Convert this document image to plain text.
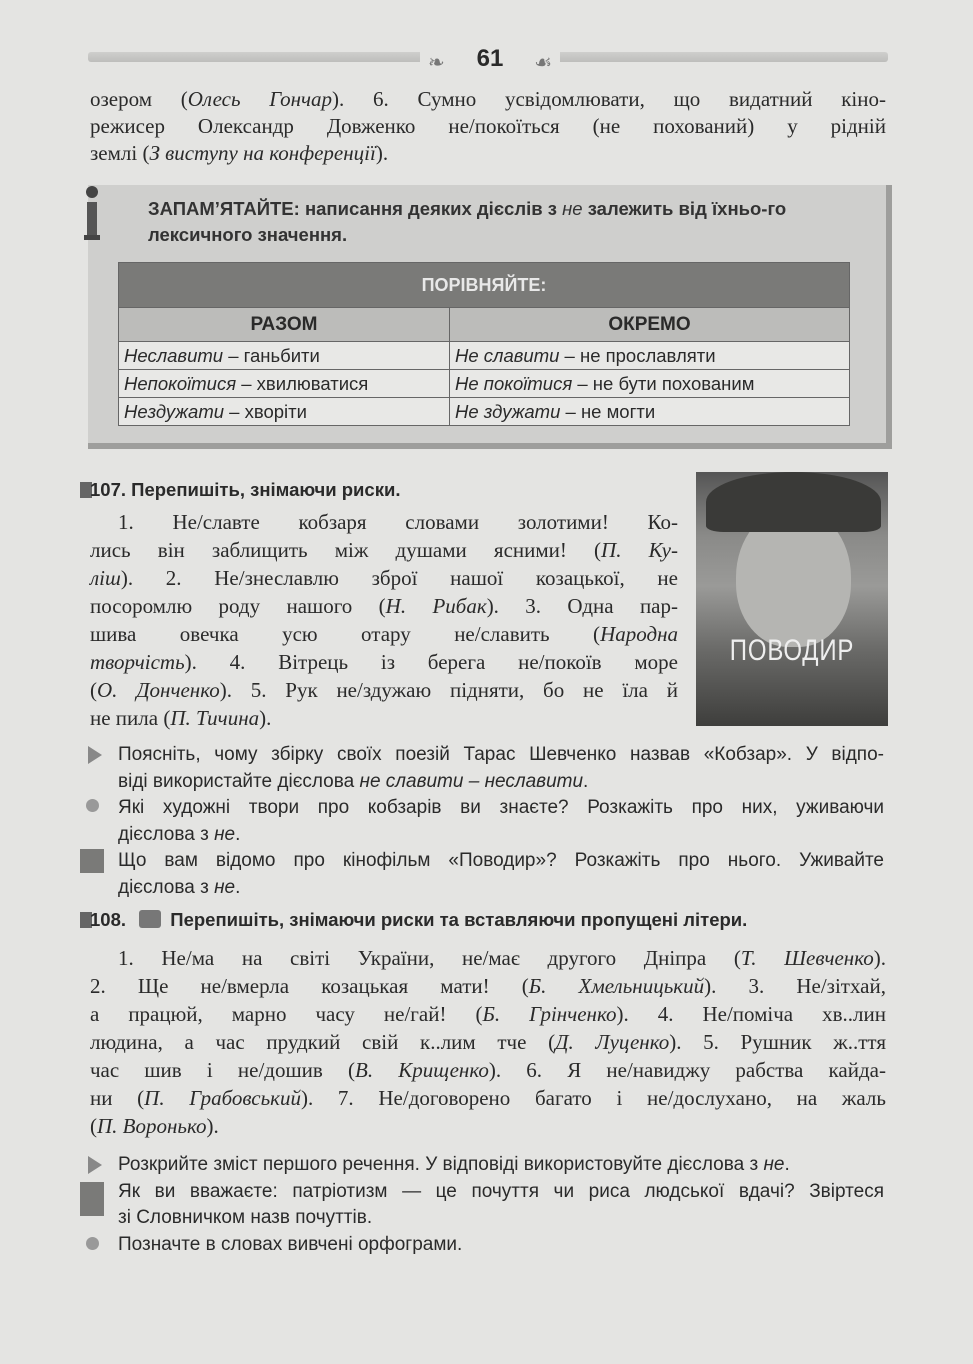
❧ 61 ☙
озером (Олесь Гончар). 6. Сумно усвідомлювати, що видатний кіно-
режисер Олександр Довженко не/покоїться (не похований) у рідній
землі (З виступу на конференції).
ЗАПАМ’ЯТАЙТЕ: написання деяких дієслів з не залежить від їхньо-го лексичного значення.
ПОРІВНЯЙТЕ:	
РАЗОМ	ОКРЕМО
Неславити – ганьбити	Не славити – не прославляти
Непокоїтися – хвилюватися	Не покоїтися – не бути похованим
Нездужати – хворіти	Не здужати – не могти
107. Перепишіть, знімаючи риски.
1. Не/славте кобзаря словами золотими! Ко-
лись він заблищить між душами ясними! (П. Ку-
ліш). 2. Не/знеславлю зброї нашої козацької, не
посоромлю роду нашого (Н. Рибак). 3. Одна пар-
шива овечка усю отару не/славить (Народна
творчість). 4. Вітрець із берега не/покоїв море
(О. Донченко). 5. Рук не/здужаю підняти, бо не їла й
не пила (П. Тичина).
ПОВОДИР
Поясніть, чому збірку своїх поезій Тарас Шевченко назвав «Кобзар». У відпо-
віді використайте дієслова не славити – неславити.
Які художні твори про кобзарів ви знаєте? Розкажіть про них, уживаючи
дієслова з не.
Що вам відомо про кінофільм «Поводир»? Розкажіть про нього. Уживайте
дієслова з не.
108. Перепишіть, знімаючи риски та вставляючи пропущені літери.
1. Не/ма на світі України, не/має другого Дніпра (Т. Шевченко).
2. Ще не/вмерла козацькая мати! (Б. Хмельницький). 3. Не/зітхай,
а працюй, марно часу не/гай! (Б. Грінченко). 4. Не/поміча хв..лин
людина, а час прудкий свій к..лим тче (Д. Луценко). 5. Рушник ж..ття
час шив і не/дошив (В. Крищенко). 6. Я не/навиджу рабства кайда-
ни (П. Грабовський). 7. Не/договорено багато і не/дослухано, на жаль
(П. Воронько).
Розкрийте зміст першого речення. У відповіді використовуйте дієслова з не.
Як ви вважаєте: патріотизм — це почуття чи риса людської вдачі? Звіртеся
зі Словничком назв почуттів.
Позначте в словах вивчені орфограми.
